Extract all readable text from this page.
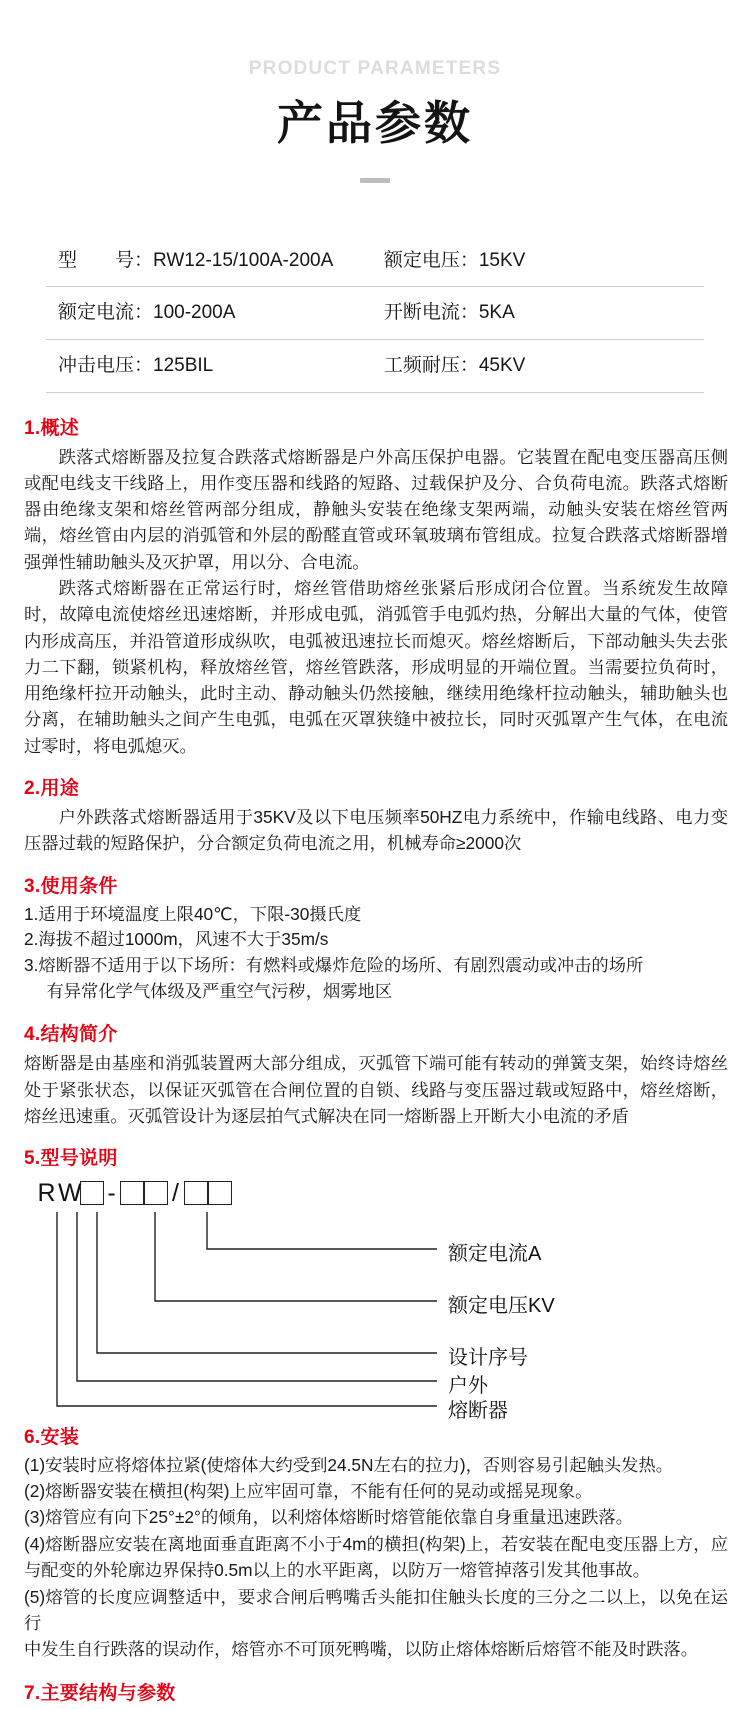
PRODUCT PARAMETERS
产品参数
型　　号：RW12-15/100A-200A	额定电压：15KV
额定电流：100-200A	开断电流：5KA
冲击电压：125BIL	工频耐压：45KV
1.概述

跌落式熔断器及拉复合跌落式熔断器是户外高压保护电器。它装置在配电变压器高压侧或配电线支干线路上，用作变压器和线路的短路、过载保护及分、合负荷电流。跌落式熔断器由绝缘支架和熔丝管两部分组成，静触头安装在绝缘支架两端，动触头安装在熔丝管两端，熔丝管由内层的消弧管和外层的酚醛直管或环氧玻璃布管组成。拉复合跌落式熔断器增强弹性辅助触头及灭护罩，用以分、合电流。

跌落式熔断器在正常运行时，熔丝管借助熔丝张紧后形成闭合位置。当系统发生故障时，故障电流使熔丝迅速熔断，并形成电弧，消弧管手电弧灼热，分解出大量的气体，使管内形成高压，并沿管道形成纵吹，电弧被迅速拉长而熄灭。熔丝熔断后，下部动触头失去张力二下翻，锁紧机构，释放熔丝管，熔丝管跌落，形成明显的开端位置。当需要拉负荷时，用绝缘杆拉开动触头，此时主动、静动触头仍然接触，继续用绝缘杆拉动触头，辅助触头也分离，在辅助触头之间产生电弧，电弧在灭罩狭缝中被拉长，同时灭弧罩产生气体，在电流过零时，将电弧熄灭。

2.用途

户外跌落式熔断器适用于35KV及以下电压频率50HZ电力系统中，作输电线路、电力变压器过载的短路保护，分合额定负荷电流之用，机械寿命≥2000次

3.使用条件

1.适用于环境温度上限40℃，下限-30摄氏度

2.海拔不超过1000m，风速不大于35m/s

3.熔断器不适用于以下场所：有燃料或爆炸危险的场所、有剧烈震动或冲击的场所

有异常化学气体级及严重空气污秽，烟雾地区

4.结构简介

熔断器是由基座和消弧装置两大部分组成，灭弧管下端可能有转动的弹簧支架，始终诗熔丝处于紧张状态，以保证灭弧管在合闸位置的自锁、线路与变压器过载或短路中，熔丝熔断，熔丝迅速重。灭弧管设计为逐层拍气式解决在同一熔断器上开断大小电流的矛盾

5.型号说明
R W - /
额定电流A
额定电压KV
设计序号
户外
熔断器
6.安装

(1)安装时应将熔体拉紧(使熔体大约受到24.5N左右的拉力)，否则容易引起触头发热。

(2)熔断器安装在横担(构架)上应牢固可靠，不能有任何的晃动或摇晃现象。

(3)熔管应有向下25°±2°的倾角，以利熔体熔断时熔管能依靠自身重量迅速跌落。

(4)熔断器应安装在离地面垂直距离不小于4m的横担(构架)上，若安装在配电变压器上方，应与配变的外轮廓边界保持0.5m以上的水平距离，以防万一熔管掉落引发其他事故。

(5)熔管的长度应调整适中，要求合闸后鸭嘴舌头能扣住触头长度的三分之二以上，以免在运行

中发生自行跌落的误动作，熔管亦不可顶死鸭嘴，以防止熔体熔断后熔管不能及时跌落。

7.主要结构与参数
